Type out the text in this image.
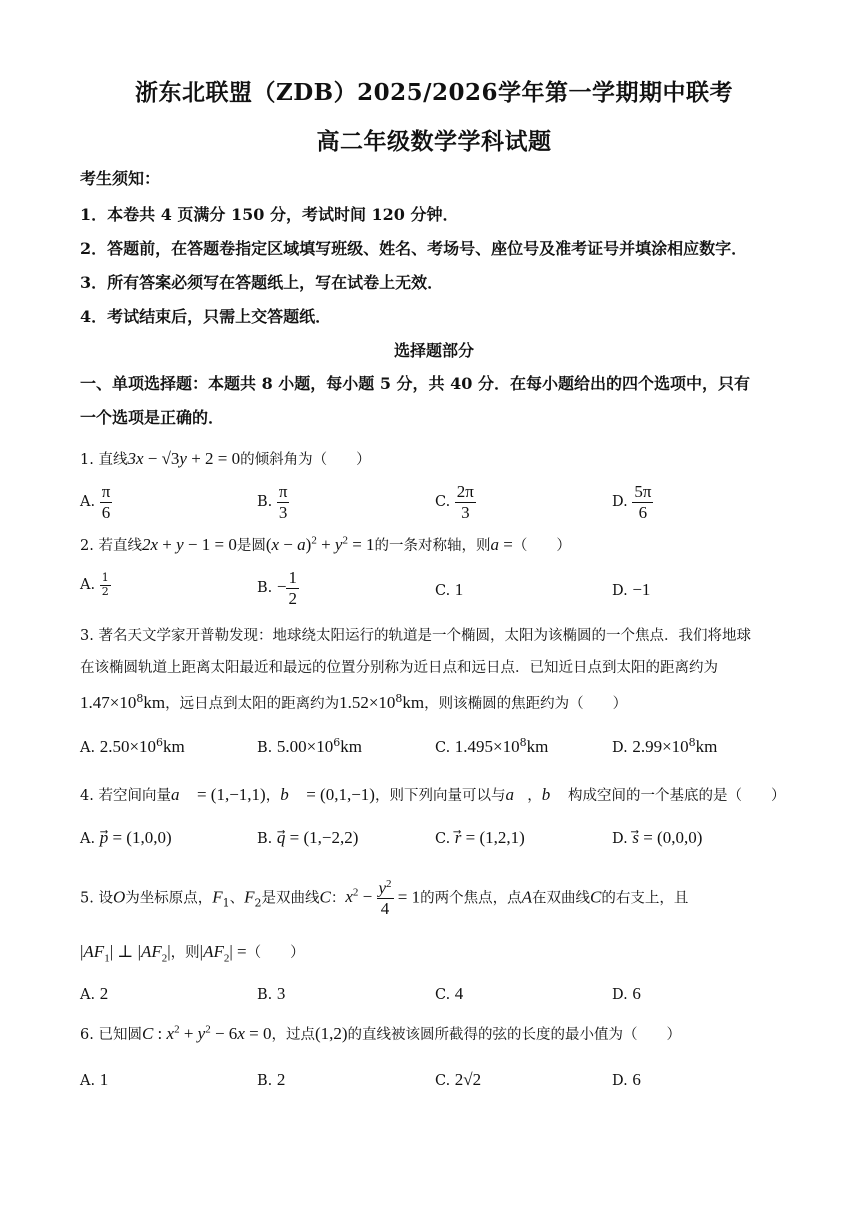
浙东北联盟（ZDB）2025/2026学年第一学期期中联考
高二年级数学学科试题
考生须知：
1．本卷共 4 页满分 150 分，考试时间 120 分钟．
2．答题前，在答题卷指定区域填写班级、姓名、考场号、座位号及准考证号并填涂相应数字．
3．所有答案必须写在答题纸上，写在试卷上无效．
4．考试结束后，只需上交答题纸．
选择题部分
一、单项选择题：本题共 8 小题，每小题 5 分，共 40 分．在每小题给出的四个选项中，只有
一个选项是正确的．
1. 直线3x − √3y + 2 = 0的倾斜角为（　　）
A. $\frac{\pi}{6}$	B. $\frac{\pi}{3}$	C. $\frac{2\pi}{3}$	D. $\frac{5\pi}{6}$
2. 若直线2x + y − 1 = 0是圆$(x - a)^2 + y^2 = 1$的一条对称轴，则a =（　　）
A. $\frac{1}{2}$	B. − $\frac{1}{2}$	C. 1	D. −1
3. 著名天文学家开普勒发现：地球绕太阳运行的轨道是一个椭圆，太阳为该椭圆的一个焦点．我们将地球
在该椭圆轨道上距离太阳最近和最远的位置分别称为近日点和远日点．已知近日点到太阳的距离约为
$1.47\times 10^8km$，远日点到太阳的距离约为$1.52\times 10^8km$，则该椭圆的焦距约为（　　）
A. $2.50\times 10^6km$	B. $5.00\times 10^6km$	C. $1.495\times 10^8km$	D. $2.99\times 10^8km$
4. 若空间向量a⃗ = (1,−1,1)，b⃗ = (0,1,−1)，则下列向量可以与a⃗，b⃗ 构成空间的一个基底的是（　　）
A. p⃗ = (1,0,0)	B. q⃗ = (1,−2,2)	C. r⃗ = (1,2,1)	D. s⃗ = (0,0,0)
5. 设O为坐标原点，$F_1$、$F_2$是双曲线C：$x^2 - \frac{y^2}{4} = 1$的两个焦点，点A在双曲线C的右支上，且
$|AF_1|$ ⊥ $|AF_2|$，则$|AF_2|$ =（　　）
A. 2	B. 3	C. 4	D. 6
6. 已知圆C : $x^2 + y^2 - 6x = 0$，过点(1,2)的直线被该圆所截得的弦的长度的最小值为（　　）
A. 1	B. 2	C. 2√2	D. 6
